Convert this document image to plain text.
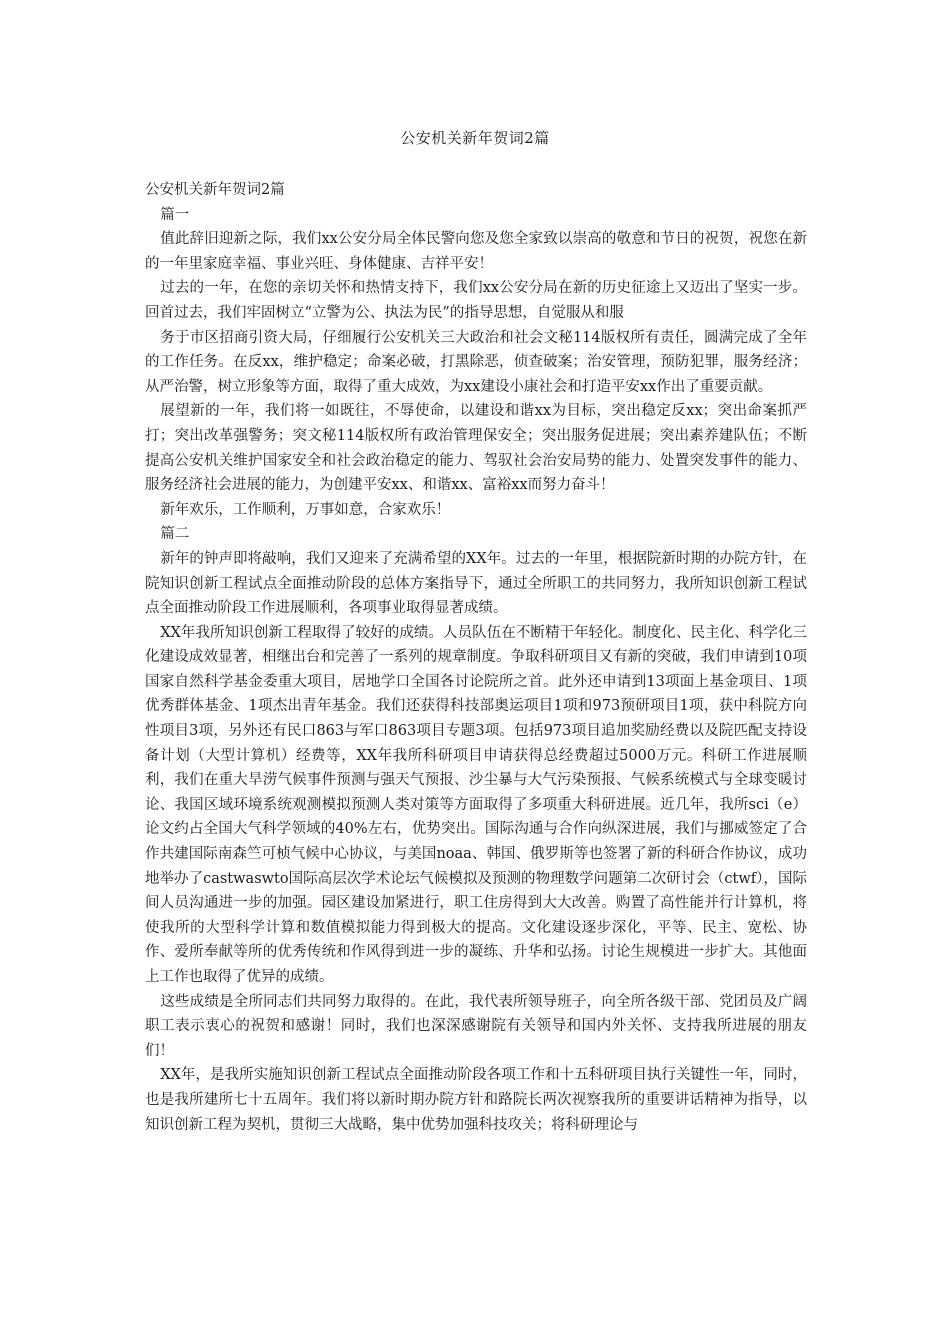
公安机关新年贺词2篇

公安机关新年贺词2篇

篇一

值此辞旧迎新之际，我们xx公安分局全体民警向您及您全家致以崇高的敬意和节日的祝贺，祝您在新的一年里家庭幸福、事业兴旺、身体健康、吉祥平安！

过去的一年，在您的亲切关怀和热情支持下，我们xx公安分局在新的历史征途上又迈出了坚实一步。回首过去，我们牢固树立“立警为公、执法为民”的指导思想，自觉服从和服

务于市区招商引资大局，仔细履行公安机关三大政治和社会文秘114版权所有责任，圆满完成了全年的工作任务。在反xx，维护稳定；命案必破，打黑除恶，侦查破案；治安管理，预防犯罪，服务经济；从严治警，树立形象等方面，取得了重大成效，为xx建设小康社会和打造平安xx作出了重要贡献。

展望新的一年，我们将一如既往，不辱使命，以建设和谐xx为目标，突出稳定反xx；突出命案抓严打；突出改革强警务；突文秘114版权所有政治管理保安全；突出服务促进展；突出素养建队伍；不断提高公安机关维护国家安全和社会政治稳定的能力、驾驭社会治安局势的能力、处置突发事件的能力、服务经济社会进展的能力，为创建平安xx、和谐xx、富裕xx而努力奋斗！

新年欢乐，工作顺利，万事如意，合家欢乐！

篇二

新年的钟声即将敲响，我们又迎来了充满希望的XX年。过去的一年里，根据院新时期的办院方针，在院知识创新工程试点全面推动阶段的总体方案指导下，通过全所职工的共同努力，我所知识创新工程试点全面推动阶段工作进展顺利，各项事业取得显著成绩。

XX年我所知识创新工程取得了较好的成绩。人员队伍在不断精干年轻化。制度化、民主化、科学化三化建设成效显著，相继出台和完善了一系列的规章制度。争取科研项目又有新的突破，我们申请到10项国家自然科学基金委重大项目，居地学口全国各讨论院所之首。此外还申请到13项面上基金项目、1项优秀群体基金、1项杰出青年基金。我们还获得科技部奥运项目1项和973预研项目1项，获中科院方向性项目3项，另外还有民口863与军口863项目专题3项。包括973项目追加奖励经费以及院匹配支持设备计划（大型计算机）经费等，XX年我所科研项目申请获得总经费超过5000万元。科研工作进展顺利，我们在重大旱涝气候事件预测与强天气预报、沙尘暴与大气污染预报、气候系统模式与全球变暖讨论、我国区域环境系统观测模拟预测人类对策等方面取得了多项重大科研进展。近几年，我所sci（e）论文约占全国大气科学领域的40%左右，优势突出。国际沟通与合作向纵深进展，我们与挪威签定了合作共建国际南森竺可桢气候中心协议，与美国noaa、韩国、俄罗斯等也签署了新的科研合作协议，成功地举办了castwaswto国际高层次学术论坛气候模拟及预测的物理数学问题第二次研讨会（ctwf），国际间人员沟通进一步的加强。园区建设加紧进行，职工住房得到大大改善。购置了高性能并行计算机，将使我所的大型科学计算和数值模拟能力得到极大的提高。文化建设逐步深化，平等、民主、宽松、协作、爱所奉献等所的优秀传统和作风得到进一步的凝练、升华和弘扬。讨论生规模进一步扩大。其他面上工作也取得了优异的成绩。

这些成绩是全所同志们共同努力取得的。在此，我代表所领导班子，向全所各级干部、党团员及广阔职工表示衷心的祝贺和感谢！同时，我们也深深感谢院有关领导和国内外关怀、支持我所进展的朋友们！

XX年，是我所实施知识创新工程试点全面推动阶段各项工作和十五科研项目执行关键性一年，同时，也是我所建所七十五周年。我们将以新时期办院方针和路院长两次视察我所的重要讲话精神为指导，以知识创新工程为契机，贯彻三大战略，集中优势加强科技攻关；将科研理论与
